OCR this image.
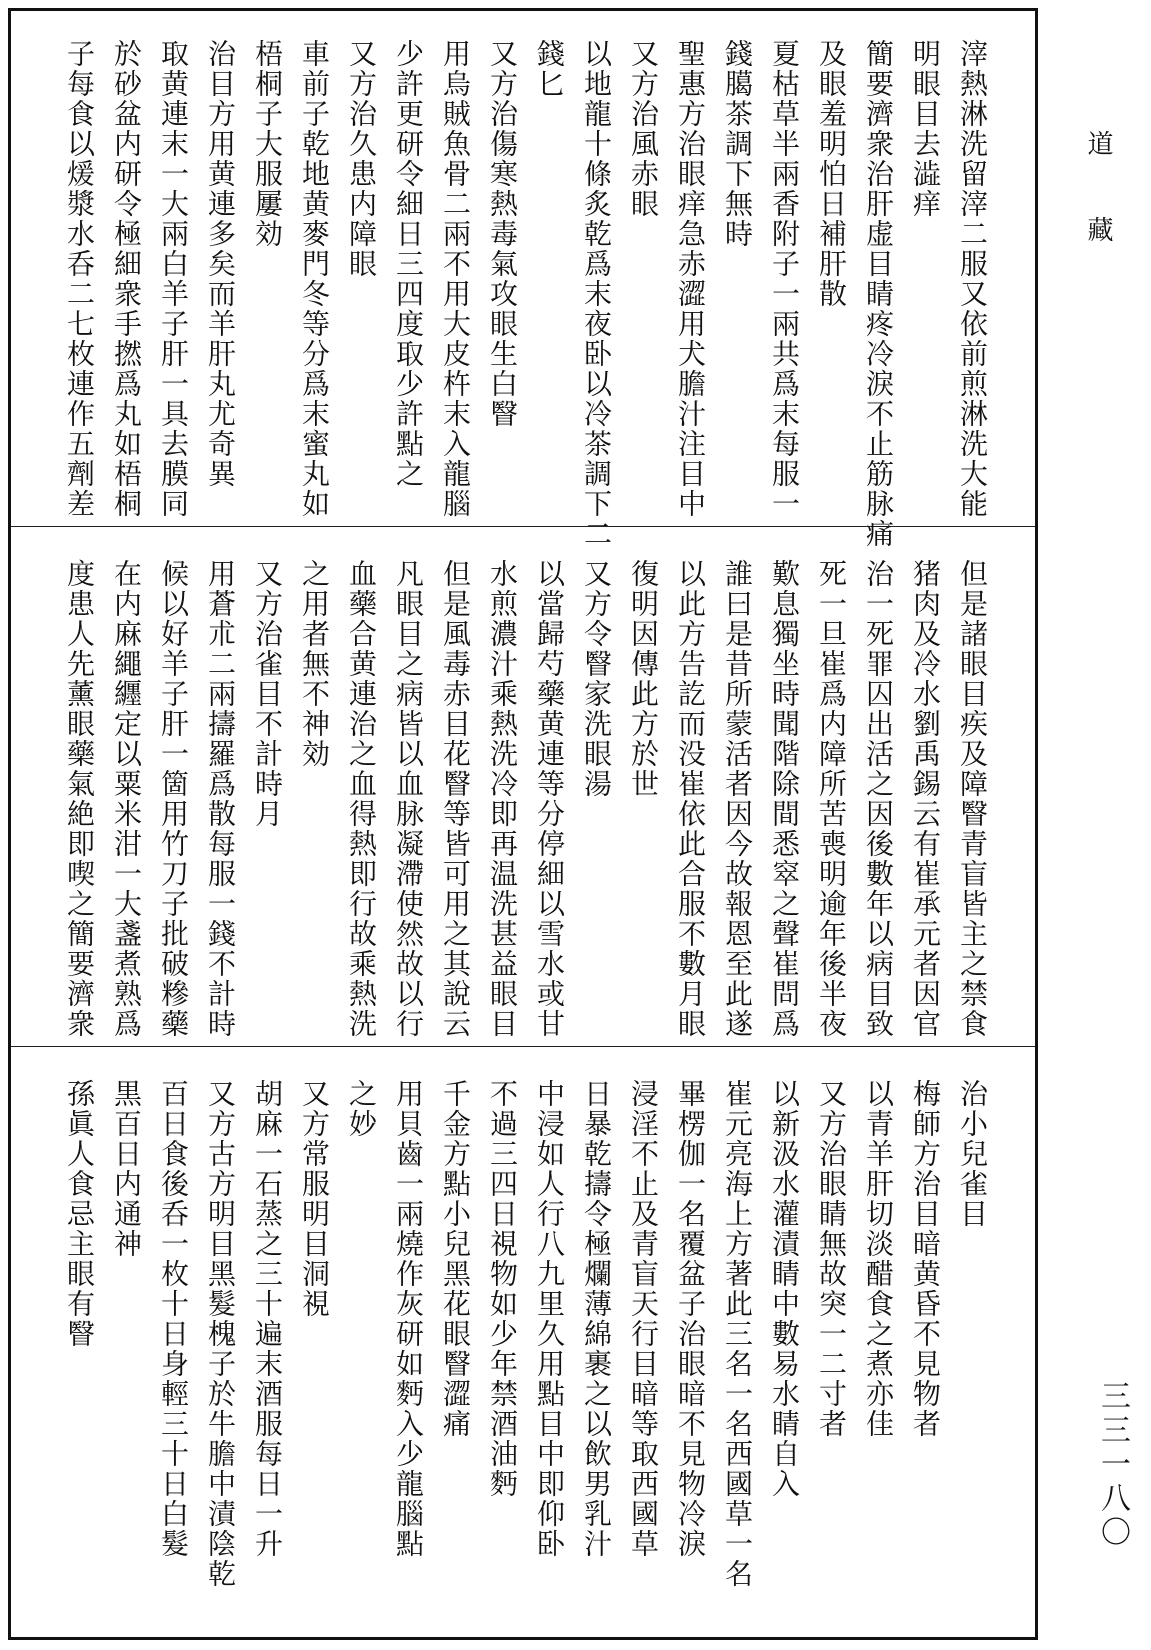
滓熱淋洗留滓二服又依前煎淋洗大能
明眼目去澁痒
簡要濟衆治肝虚目睛疼冷淚不止筋脉痛
及眼羞明怕日補肝散
夏枯草半兩香附子一兩共爲末每服一
錢臈茶調下無時
聖惠方治眼痒急赤澀用犬膽汁注目中
又方治風赤眼
以地龍十條炙乾爲末夜卧以冷茶調下二
錢匕
又方治傷寒熱毒氣攻眼生白瞖
用烏賊魚骨二兩不用大皮杵末入龍腦
少許更研令細日三四度取少許點之
又方治久患内障眼
車前子乾地黄麥門冬等分爲末蜜丸如
梧桐子大服屢効
治目方用黄連多矣而羊肝丸尤奇異
取黄連末一大兩白羊子肝一具去膜同
於砂盆内研令極細衆手撚爲丸如梧桐
子每食以煖漿水呑二七枚連作五劑差
但是諸眼目疾及障瞖青盲皆主之禁食
猪肉及冷水劉禹錫云有崔承元者因官
治一死罪囚出活之因後數年以病目致
死一旦崔爲内障所苦喪明逾年後半夜
歎息獨坐時聞階除間悉窣之聲崔問爲
誰曰是昔所蒙活者因今故報恩至此遂
以此方告訖而没崔依此合服不數月眼
復明因傳此方於世
又方令瞖家洗眼湯
以當歸芍藥黄連等分停細以雪水或甘
水煎濃汁乘熱洗冷即再温洗甚益眼目
但是風毒赤目花瞖等皆可用之其說云
凡眼目之病皆以血脉凝滯使然故以行
血藥合黄連治之血得熱即行故乘熱洗
之用者無不神効
又方治雀目不計時月
用蒼朮二兩擣羅爲散每服一錢不計時
候以好羊子肝一箇用竹刀子批破糝藥
在内麻繩纒定以粟米泔一大盞煮熟爲
度患人先薰眼藥氣絶即喫之簡要濟衆
治小兒雀目
梅師方治目暗黄昏不見物者
以青羊肝切淡醋食之煮亦佳
又方治眼睛無故突一二寸者
以新汲水灌漬睛中數易水睛自入
崔元亮海上方著此三名一名西國草一名
畢楞伽一名覆盆子治眼暗不見物冷淚
浸淫不止及青盲天行目暗等取西國草
日暴乾擣令極爛薄綿裹之以飲男乳汁
中浸如人行八九里久用點目中即仰卧
不過三四日視物如少年禁酒油麪
千金方點小兒黑花眼瞖澀痛
用貝齒一兩燒作灰研如麪入少龍腦點
之妙
又方常服明目洞視
胡麻一石蒸之三十遍末酒服每日一升
又方古方明目黑髮槐子於牛膽中漬陰乾
百日食後呑一枚十日身輕三十日白髮
黒百日内通神
孫眞人食忌主眼有瞖
道藏
三三一八〇
